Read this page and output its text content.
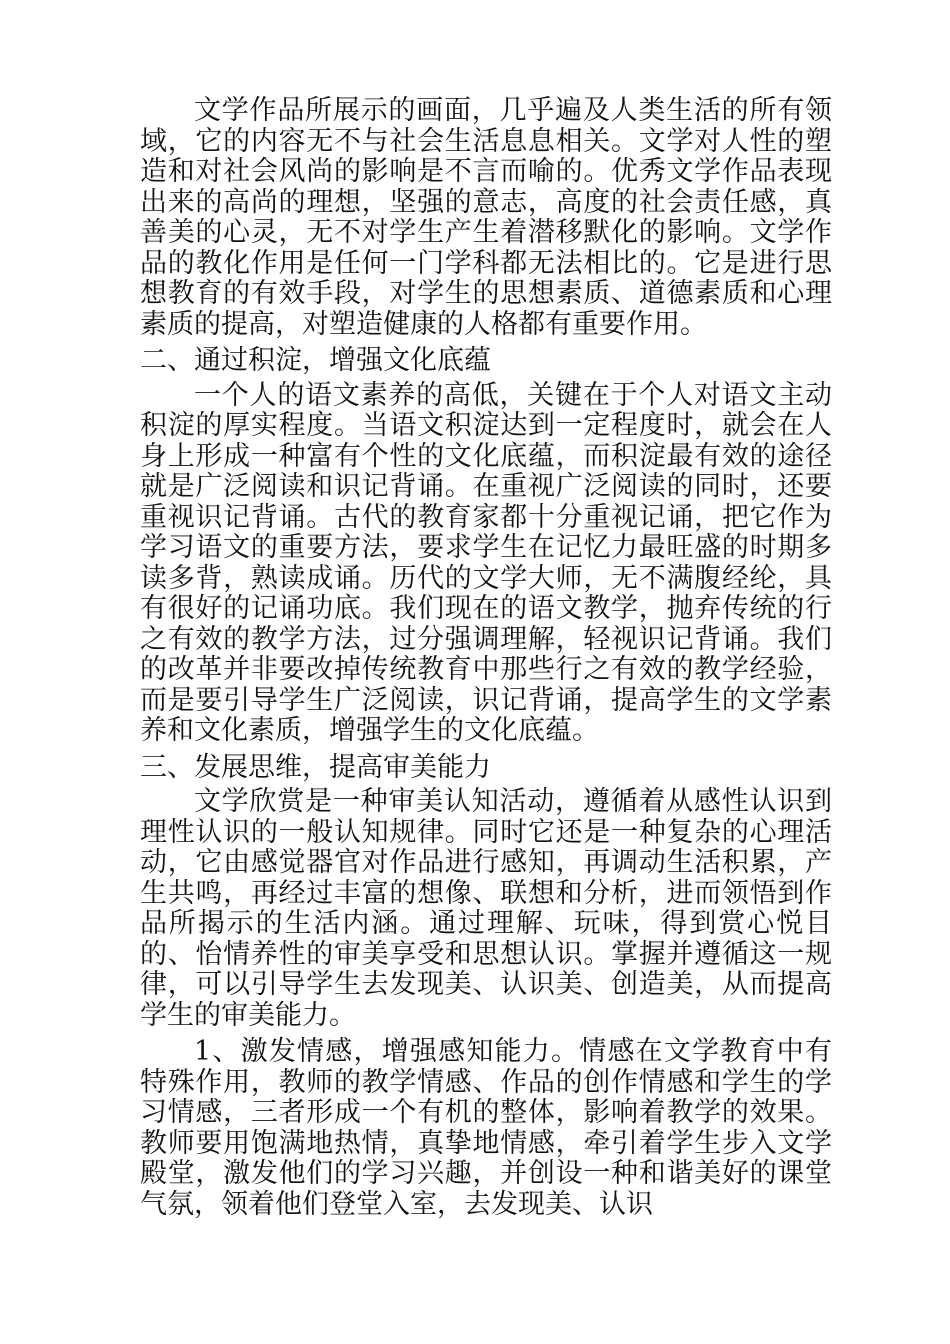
文学作品所展示的画面，几乎遍及人类生活的所有领域，它的内容无不与社会生活息息相关。文学对人性的塑造和对社会风尚的影响是不言而喻的。优秀文学作品表现出来的高尚的理想，坚强的意志，高度的社会责任感，真善美的心灵，无不对学生产生着潜移默化的影响。文学作品的教化作用是任何一门学科都无法相比的。它是进行思想教育的有效手段，对学生的思想素质、道德素质和心理素质的提高，对塑造健康的人格都有重要作用。

二、通过积淀，增强文化底蕴

一个人的语文素养的高低，关键在于个人对语文主动积淀的厚实程度。当语文积淀达到一定程度时，就会在人身上形成一种富有个性的文化底蕴，而积淀最有效的途径就是广泛阅读和识记背诵。在重视广泛阅读的同时，还要重视识记背诵。古代的教育家都十分重视记诵，把它作为学习语文的重要方法，要求学生在记忆力最旺盛的时期多读多背，熟读成诵。历代的文学大师，无不满腹经纶，具有很好的记诵功底。我们现在的语文教学，抛弃传统的行之有效的教学方法，过分强调理解，轻视识记背诵。我们的改革并非要改掉传统教育中那些行之有效的教学经验，而是要引导学生广泛阅读，识记背诵，提高学生的文学素养和文化素质，增强学生的文化底蕴。

三、发展思维，提高审美能力

文学欣赏是一种审美认知活动，遵循着从感性认识到理性认识的一般认知规律。同时它还是一种复杂的心理活动，它由感觉器官对作品进行感知，再调动生活积累，产生共鸣，再经过丰富的想像、联想和分析，进而领悟到作品所揭示的生活内涵。通过理解、玩味，得到赏心悦目的、怡情养性的审美享受和思想认识。掌握并遵循这一规律，可以引导学生去发现美、认识美、创造美，从而提高学生的审美能力。

1、激发情感，增强感知能力。情感在文学教育中有特殊作用，教师的教学情感、作品的创作情感和学生的学习情感，三者形成一个有机的整体，影响着教学的效果。教师要用饱满地热情，真挚地情感，牵引着学生步入文学殿堂，激发他们的学习兴趣，并创设一种和谐美好的课堂气氛，领着他们登堂入室，去发现美、认识
